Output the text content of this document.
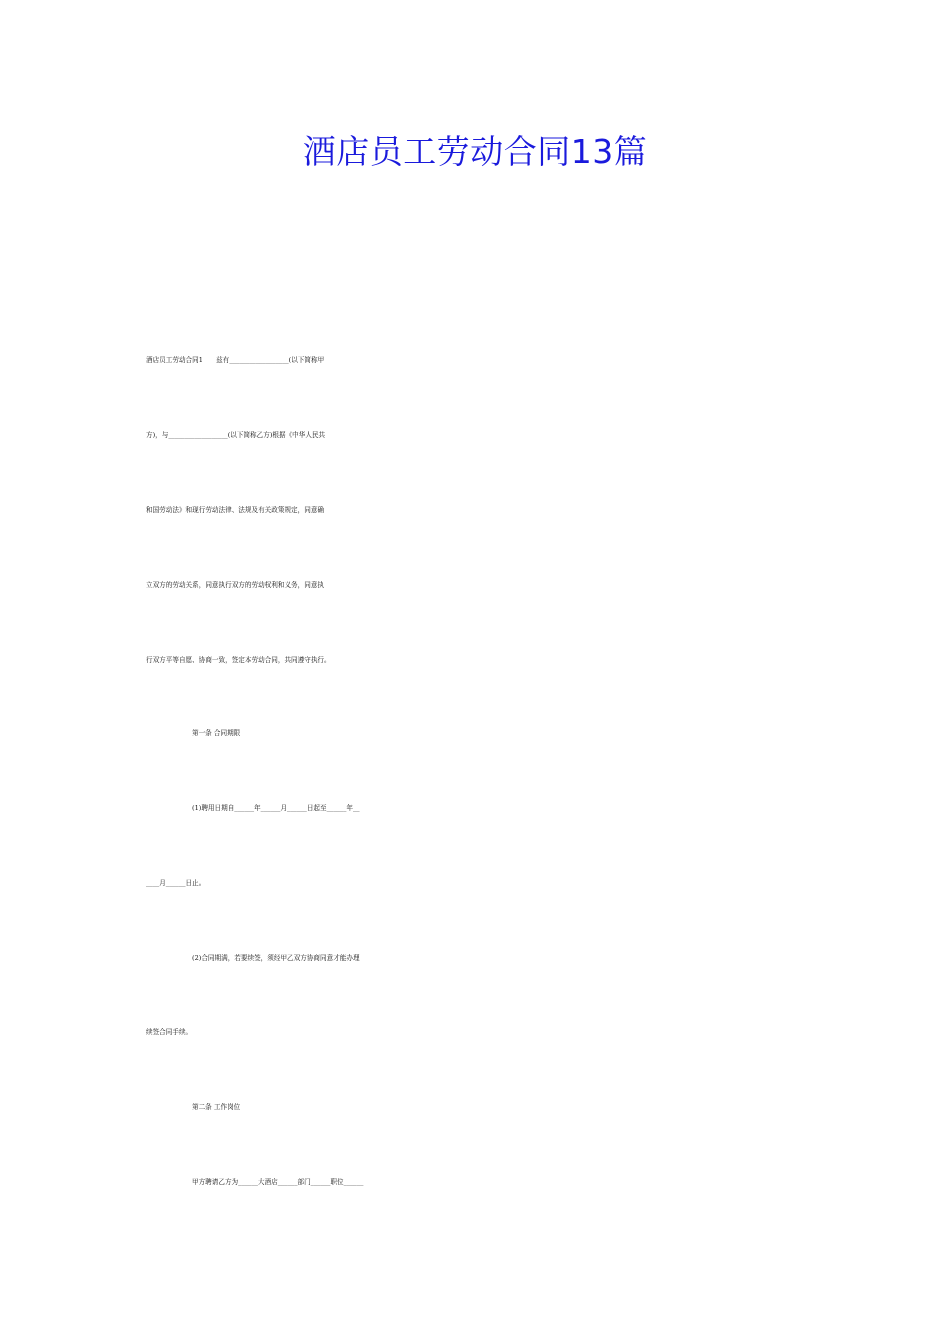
酒店员工劳动合同13篇

酒店员工劳动合同1　　兹有__________________(以下简称甲

方)，与__________________(以下简称乙方)根据《中华人民共

和国劳动法》和现行劳动法律、法规及有关政策规定，同意确

立双方的劳动关系，同意执行双方的劳动权利和义务，同意执

行双方平等自愿、协商一致，签定本劳动合同，共同遵守执行。

第一条 合同期限

(1)聘用日期自______年______月______日起至______年__

____月______日止。

(2)合同期满，若要续签，须经甲乙双方协商同意才能办理

续签合同手续。

第二条 工作岗位

甲方聘请乙方为______大酒店______部门______职位______
